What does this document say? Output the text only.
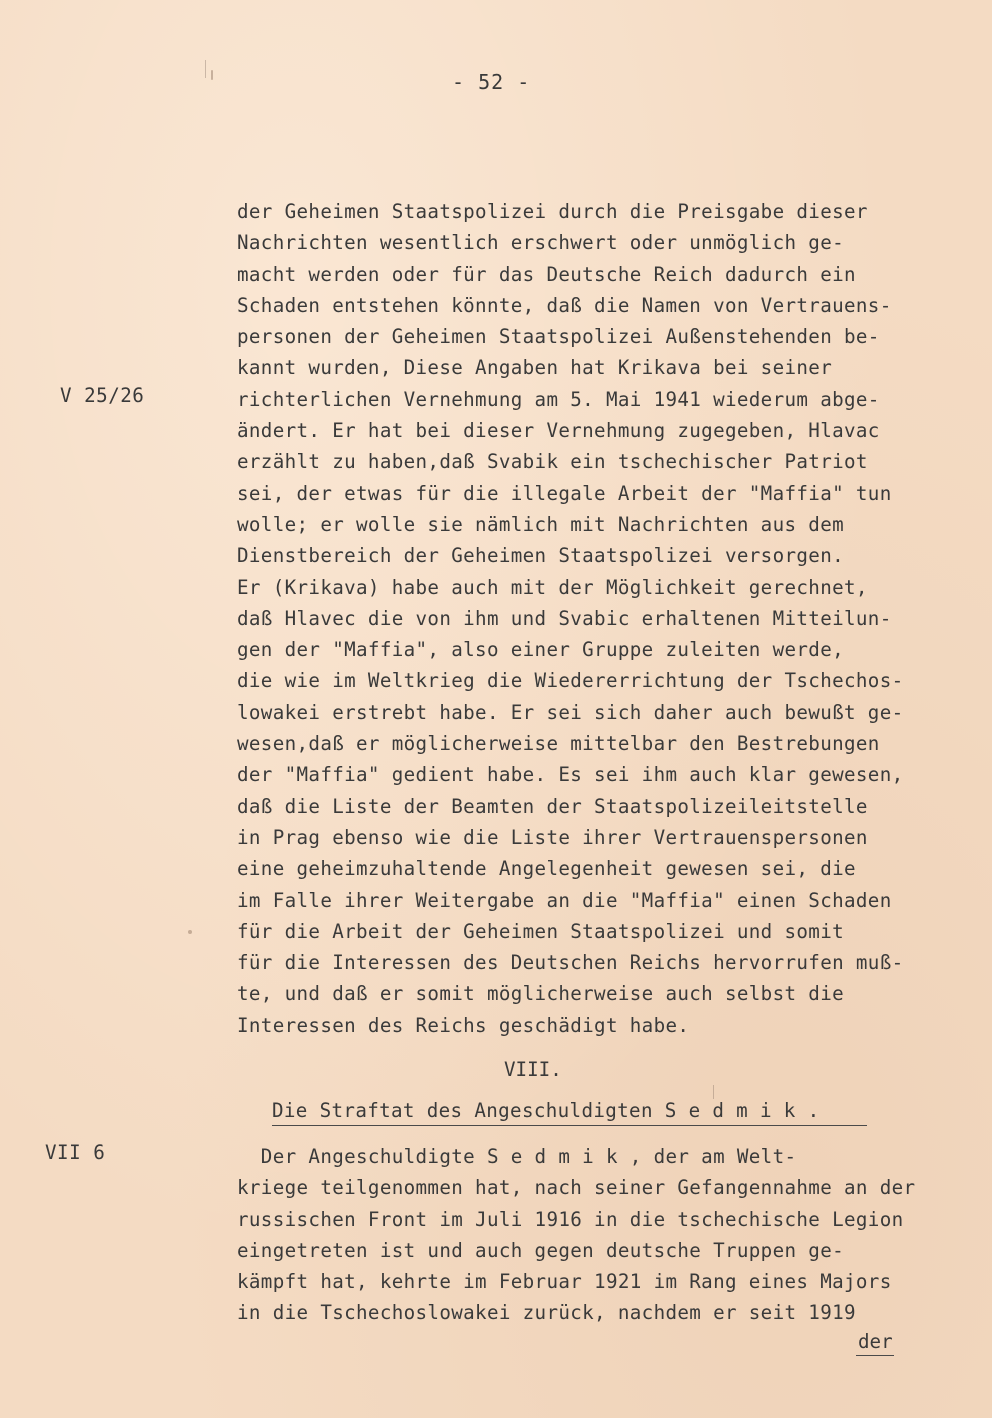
- 52 -
V 25/26
VII 6
der Geheimen Staatspolizei durch die Preisgabe dieser
Nachrichten wesentlich erschwert oder unmöglich ge-
macht werden oder für das Deutsche Reich dadurch ein
Schaden entstehen könnte, daß die Namen von Vertrauens-
personen der Geheimen Staatspolizei Außenstehenden be-
kannt wurden, Diese Angaben hat Krikava bei seiner
richterlichen Vernehmung am 5. Mai 1941 wiederum abge-
ändert. Er hat bei dieser Vernehmung zugegeben, Hlavac
erzählt zu haben,daß Svabik ein tschechischer Patriot
sei, der etwas für die illegale Arbeit der "Maffia" tun
wolle; er wolle sie nämlich mit Nachrichten aus dem
Dienstbereich der Geheimen Staatspolizei versorgen.
Er (Krikava) habe auch mit der Möglichkeit gerechnet,
daß Hlavec die von ihm und Svabic erhaltenen Mitteilun-
gen der "Maffia", also einer Gruppe zuleiten werde,
die wie im Weltkrieg die Wiedererrichtung der Tschechos-
lowakei erstrebt habe. Er sei sich daher auch bewußt ge-
wesen,daß er möglicherweise mittelbar den Bestrebungen
der "Maffia" gedient habe. Es sei ihm auch klar gewesen,
daß die Liste der Beamten der Staatspolizeileitstelle
in Prag ebenso wie die Liste ihrer Vertrauenspersonen
eine geheimzuhaltende Angelegenheit gewesen sei, die
im Falle ihrer Weitergabe an die "Maffia" einen Schaden
für die Arbeit der Geheimen Staatspolizei und somit
für die Interessen des Deutschen Reichs hervorrufen muß-
te, und daß er somit möglicherweise auch selbst die
Interessen des Reichs geschädigt habe.
VIII.
Die Straftat des Angeschuldigten S e d m i k .
Der Angeschuldigte S e d m i k , der am Welt-
kriege teilgenommen hat, nach seiner Gefangennahme an der
russischen Front im Juli 1916 in die tschechische Legion
eingetreten ist und auch gegen deutsche Truppen ge-
kämpft hat, kehrte im Februar 1921 im Rang eines Majors
in die Tschechoslowakei zurück, nachdem er seit 1919
der
